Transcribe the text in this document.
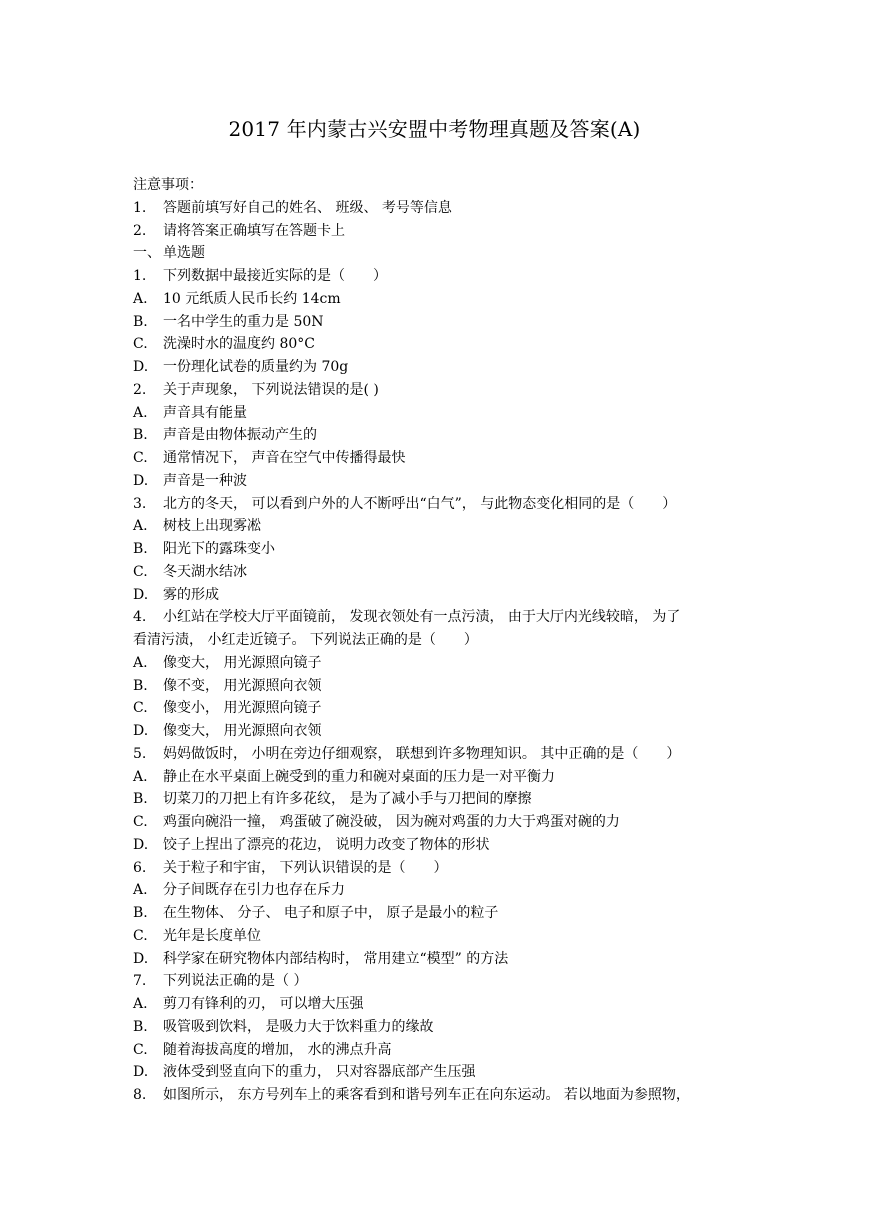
2017 年内蒙古兴安盟中考物理真题及答案(A)
注意事项：
1. 答题前填写好自己的姓名、 班级、 考号等信息
2. 请将答案正确填写在答题卡上
一、 单选题
1. 下列数据中最接近实际的是（　　）
A. 10 元纸质人民币长约 14cm
B. 一名中学生的重力是 50N
C. 洗澡时水的温度约 80°C
D. 一份理化试卷的质量约为 70g
2. 关于声现象， 下列说法错误的是( )
A. 声音具有能量
B. 声音是由物体振动产生的
C. 通常情况下， 声音在空气中传播得最快
D. 声音是一种波
3. 北方的冬天， 可以看到户外的人不断呼出“白气”， 与此物态变化相同的是（　　）
A. 树枝上出现雾凇
B. 阳光下的露珠变小
C. 冬天湖水结冰
D. 雾的形成
4. 小红站在学校大厅平面镜前， 发现衣领处有一点污渍， 由于大厅内光线较暗， 为了
看清污渍， 小红走近镜子。 下列说法正确的是（　　）
A. 像变大， 用光源照向镜子
B. 像不变， 用光源照向衣领
C. 像变小， 用光源照向镜子
D. 像变大， 用光源照向衣领
5. 妈妈做饭时， 小明在旁边仔细观察， 联想到许多物理知识。 其中正确的是（　　）
A. 静止在水平桌面上碗受到的重力和碗对桌面的压力是一对平衡力
B. 切菜刀的刀把上有许多花纹， 是为了减小手与刀把间的摩擦
C. 鸡蛋向碗沿一撞， 鸡蛋破了碗没破， 因为碗对鸡蛋的力大于鸡蛋对碗的力
D. 饺子上捏出了漂亮的花边， 说明力改变了物体的形状
6. 关于粒子和宇宙， 下列认识错误的是（　　）
A. 分子间既存在引力也存在斥力
B. 在生物体、 分子、 电子和原子中， 原子是最小的粒子
C. 光年是长度单位
D. 科学家在研究物体内部结构时， 常用建立“模型” 的方法
7. 下列说法正确的是（ ）
A. 剪刀有锋利的刃， 可以增大压强
B. 吸管吸到饮料， 是吸力大于饮料重力的缘故
C. 随着海拔高度的增加， 水的沸点升高
D. 液体受到竖直向下的重力， 只对容器底部产生压强
8. 如图所示， 东方号列车上的乘客看到和谐号列车正在向东运动。 若以地面为参照物，
